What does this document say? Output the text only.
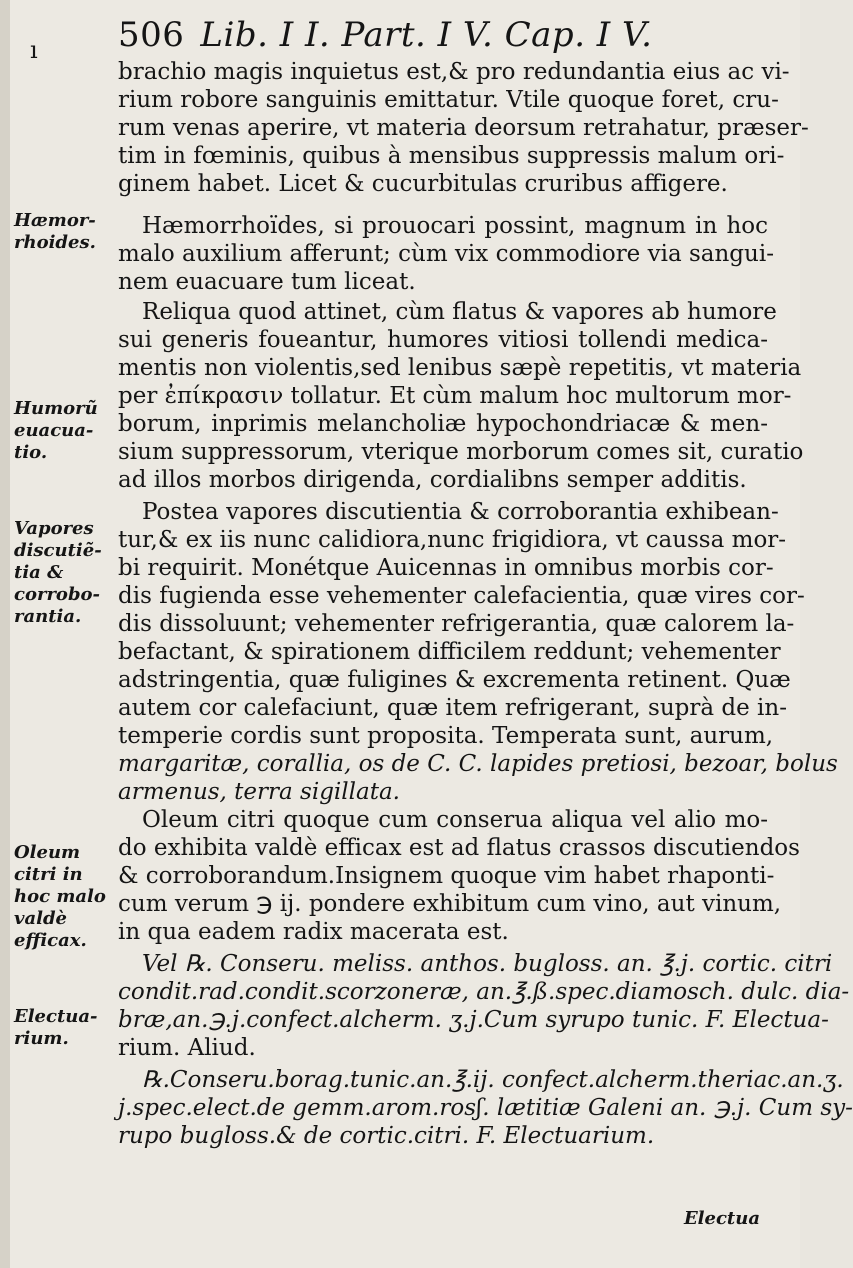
ı 506 Lib. I I. Part. I V. Cap. I V.
brachio magis inquietus est,& pro redundantia eius ac vi-
rium robore sanguinis emittatur. Vtile quoque foret, cru-
rum venas aperire, vt materia deorsum retrahatur, præser-
tim in fœminis, quibus à mensibus suppressis malum ori-
ginem habet. Licet & cucurbitulas cruribus affigere.
Hæmorrhoïdes, si prouocari possint, magnum in hoc
malo auxilium afferunt; cùm vix commodiore via sangui-
nem euacuare tum liceat.
Reliqua quod attinet, cùm flatus & vapores ab humore
sui generis foueantur, humores vitiosi tollendi medica-
mentis non violentis,sed lenibus sæpè repetitis, vt materia
per ἐπίκρασιν tollatur. Et cùm malum hoc multorum mor-
borum, inprimis melancholiæ hypochondriacæ & men-
sium suppressorum, vterique morborum comes sit, curatio
ad illos morbos dirigenda, cordialibns semper additis.
Postea vapores discutientia & corroborantia exhibean-
tur,& ex iis nunc calidiora,nunc frigidiora, vt caussa mor-
bi requirit. Monétque Auicennas in omnibus morbis cor-
dis fugienda esse vehementer calefacientia, quæ vires cor-
dis dissoluunt; vehementer refrigerantia, quæ calorem la-
befactant, & spirationem difficilem reddunt; vehementer
adstringentia, quæ fuligines & excrementa retinent. Quæ
autem cor calefaciunt, quæ item refrigerant, suprà de in-
temperie cordis sunt proposita. Temperata sunt, aurum,
margaritæ, corallia, os de C. C. lapides pretiosi, bezoar, bolus
armenus, terra sigillata.
Oleum citri quoque cum conserua aliqua vel alio mo-
do exhibita valdè efficax est ad flatus crassos discutiendos
& corroborandum.Insignem quoque vim habet rhaponti-
cum verum ℈ ij. pondere exhibitum cum vino, aut vinum,
in qua eadem radix macerata est.
Vel ℞. Conseru. meliss. anthos. bugloss. an. ℥.j. cortic. citri
condit.rad.condit.scorzoneræ, an.℥.ß.spec.diamosch. dulc. dia-
bræ,an.℈.j.confect.alcherm. ʒ.j.Cum syrupo tunic. F. Electua-
rium. Aliud.
℞.Conseru.borag.tunic.an.℥.ij. confect.alcherm.theriac.an.ʒ.
j.spec.elect.de gemm.arom.rosʃ. lætitiæ Galeni an. ℈.j. Cum sy-
rupo bugloss.& de cortic.citri. F. Electuarium.
Hæmor-
rhoides.
Humorũ
euacua-
tio.
Vapores
discutiẽ-
tia &
corrobo-
rantia.
Oleum
citri in
hoc malo
valdè
efficax.
Electua-
rium.
Electua
